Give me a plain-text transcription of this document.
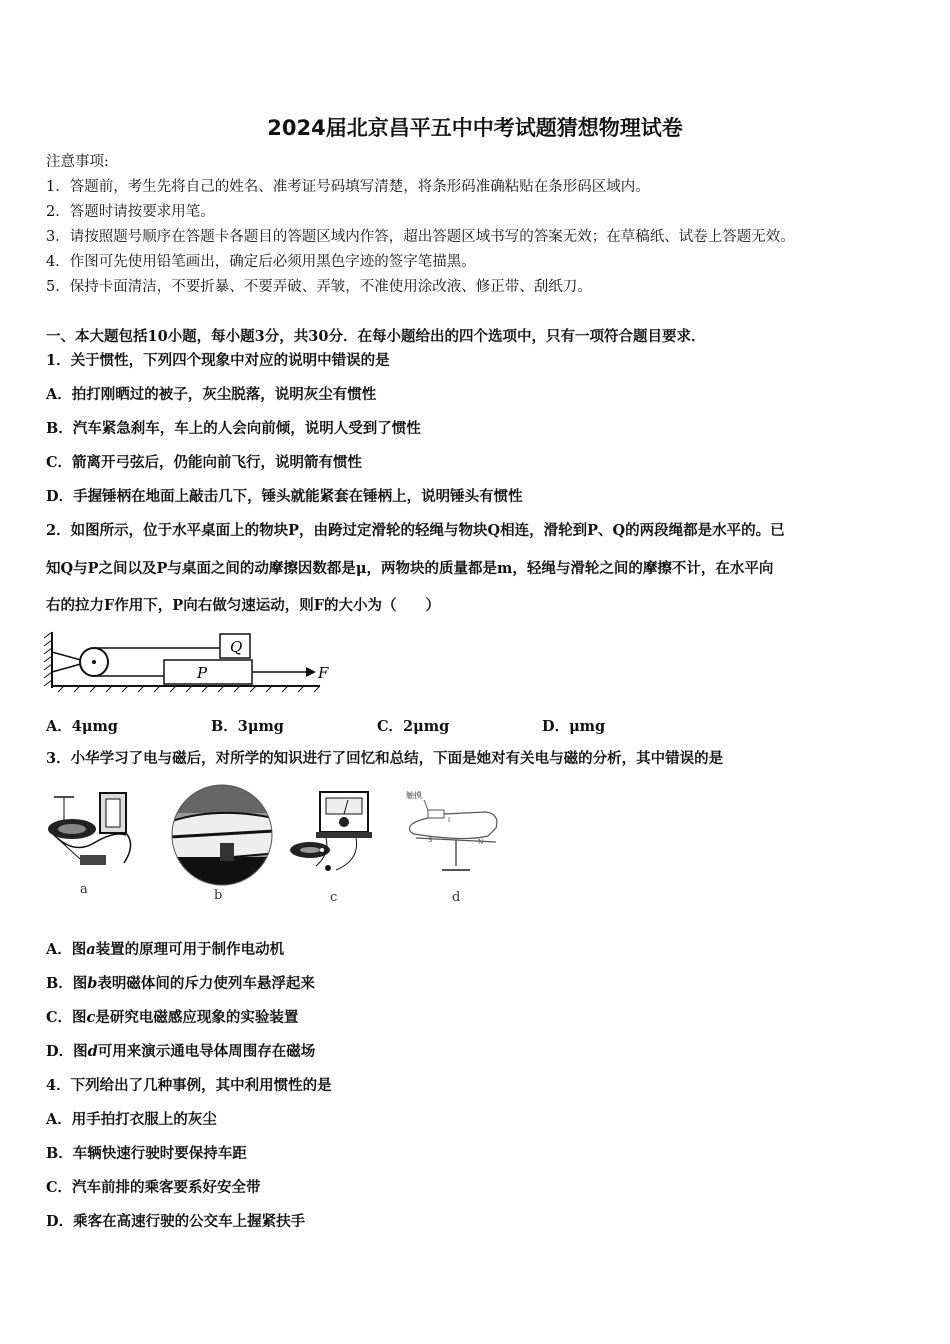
2024届北京昌平五中中考试题猜想物理试卷
注意事项:
1．答题前，考生先将自己的姓名、准考证号码填写清楚，将条形码准确粘贴在条形码区域内。
2．答题时请按要求用笔。
3．请按照题号顺序在答题卡各题目的答题区域内作答，超出答题区域书写的答案无效；在草稿纸、试卷上答题无效。
4．作图可先使用铅笔画出，确定后必须用黑色字迹的签字笔描黑。
5．保持卡面清洁，不要折暴、不要弄破、弄皱，不准使用涂改液、修正带、刮纸刀。
一、本大题包括10小题，每小题3分，共30分．在每小题给出的四个选项中，只有一项符合题目要求．
1．关于惯性，下列四个现象中对应的说明中错误的是
A．拍打刚晒过的被子，灰尘脱落，说明灰尘有惯性
B．汽车紧急刹车，车上的人会向前倾，说明人受到了惯性
C．箭离开弓弦后，仍能向前飞行，说明箭有惯性
D．手握锤柄在地面上敲击几下，锤头就能紧套在锤柄上，说明锤头有惯性
2．如图所示，位于水平桌面上的物块P，由跨过定滑轮的轻绳与物块Q相连，滑轮到P、Q的两段绳都是水平的。已
知Q与P之间以及P与桌面之间的动摩擦因数都是μ，两物块的质量都是m，轻绳与滑轮之间的摩擦不计，在水平向
右的拉力F作用下，P向右做匀速运动，则F的大小为（　　）
Q
P	F
A．4μmg	B．3μmg	C．2μmg	D．μmg
3．小华学习了电与磁后，对所学的知识进行了回忆和总结，下面是她对有关电与磁的分析，其中错误的是
a	b	c
触摸
I
S	N
d
A．图a装置的原理可用于制作电动机
B．图b表明磁体间的斥力使列车悬浮起来
C．图c是研究电磁感应现象的实验装置
D．图d可用来演示通电导体周围存在磁场
4．下列给出了几种事例，其中利用惯性的是
A．用手拍打衣服上的灰尘
B．车辆快速行驶时要保持车距
C．汽车前排的乘客要系好安全带
D．乘客在高速行驶的公交车上握紧扶手
